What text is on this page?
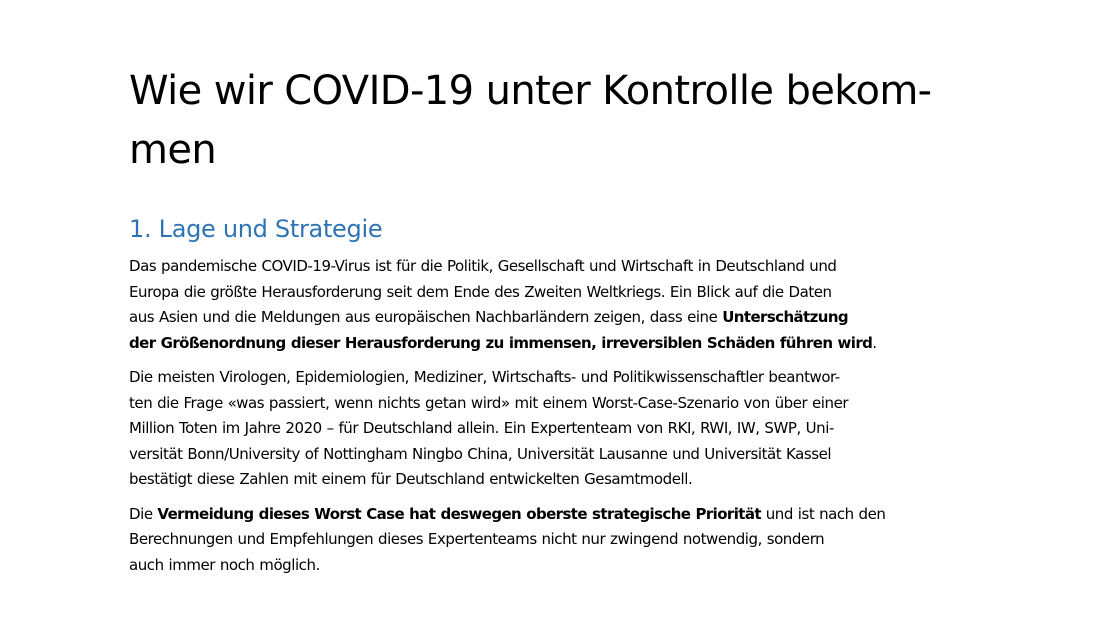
Wie wir COVID-19 unter Kontrolle bekom-
men
1. Lage und Strategie

Das pandemische COVID-19-Virus ist für die Politik, Gesellschaft und Wirtschaft in Deutschland und
Europa die größte Herausforderung seit dem Ende des Zweiten Weltkriegs. Ein Blick auf die Daten
aus Asien und die Meldungen aus europäischen Nachbarländern zeigen, dass eine Unterschätzung
der Größenordnung dieser Herausforderung zu immensen, irreversiblen Schäden führen wird.

Die meisten Virologen, Epidemiologien, Mediziner, Wirtschafts- und Politikwissenschaftler beantwor-
ten die Frage «was passiert, wenn nichts getan wird» mit einem Worst-Case-Szenario von über einer
Million Toten im Jahre 2020 – für Deutschland allein. Ein Expertenteam von RKI, RWI, IW, SWP, Uni-
versität Bonn/University of Nottingham Ningbo China, Universität Lausanne und Universität Kassel
bestätigt diese Zahlen mit einem für Deutschland entwickelten Gesamtmodell.

Die Vermeidung dieses Worst Case hat deswegen oberste strategische Priorität und ist nach den
Berechnungen und Empfehlungen dieses Expertenteams nicht nur zwingend notwendig, sondern
auch immer noch möglich.
